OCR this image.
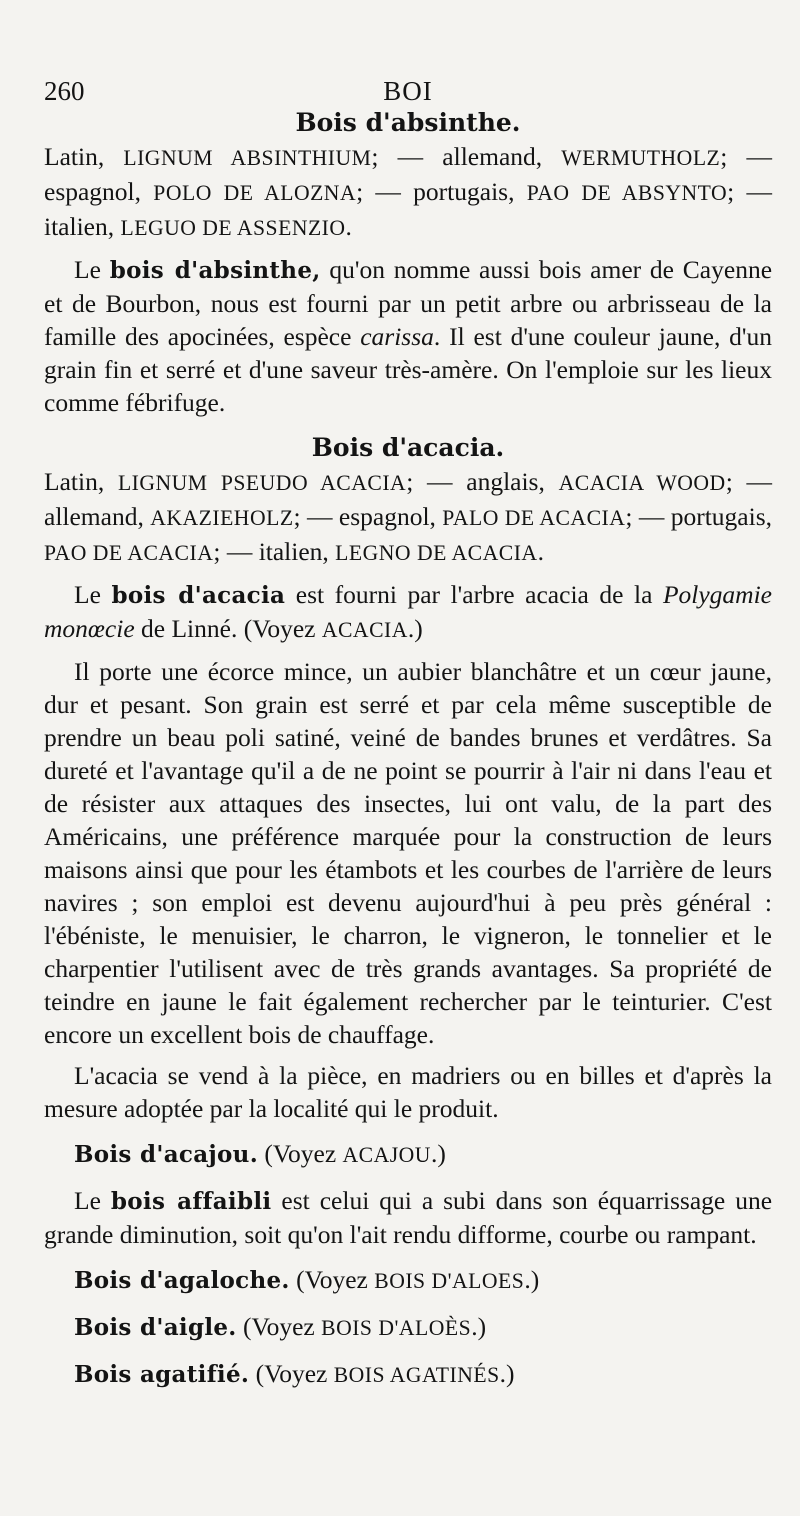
260	BOI
Bois d'absinthe.

Latin, LIGNUM ABSINTHIUM; — allemand, WERMUTHOLZ; — espagnol, POLO DE ALOZNA; — portugais, PAO DE ABSYNTO; — italien, LEGUO DE ASSENZIO.

Le bois d'absinthe, qu'on nomme aussi bois amer de Cayenne et de Bourbon, nous est fourni par un petit arbre ou arbrisseau de la famille des apocinées, espèce carissa. Il est d'une couleur jaune, d'un grain fin et serré et d'une saveur très-amère. On l'emploie sur les lieux comme fébrifuge.

Bois d'acacia.

Latin, LIGNUM PSEUDO ACACIA; — anglais, ACACIA WOOD; — allemand, AKAZIEHOLZ; — espagnol, PALO DE ACACIA; — portugais, PAO DE ACACIA; — italien, LEGNO DE ACACIA.

Le bois d'acacia est fourni par l'arbre acacia de la Polygamie monœcie de Linné. (Voyez ACACIA.)

Il porte une écorce mince, un aubier blanchâtre et un cœur jaune, dur et pesant. Son grain est serré et par cela même susceptible de prendre un beau poli satiné, veiné de bandes brunes et verdâtres. Sa dureté et l'avantage qu'il a de ne point se pourrir à l'air ni dans l'eau et de résister aux attaques des insectes, lui ont valu, de la part des Américains, une préférence marquée pour la construction de leurs maisons ainsi que pour les étambots et les courbes de l'arrière de leurs navires ; son emploi est devenu aujourd'hui à peu près général : l'ébéniste, le menuisier, le charron, le vigneron, le tonnelier et le charpentier l'utilisent avec de très grands avantages. Sa propriété de teindre en jaune le fait également rechercher par le teinturier. C'est encore un excellent bois de chauffage.

L'acacia se vend à la pièce, en madriers ou en billes et d'après la mesure adoptée par la localité qui le produit.

Bois d'acajou. (Voyez ACAJOU.)

Le bois affaibli est celui qui a subi dans son équarrissage une grande diminution, soit qu'on l'ait rendu difforme, courbe ou rampant.

Bois d'agaloche. (Voyez BOIS D'ALOES.)

Bois d'aigle. (Voyez BOIS D'ALOÈS.)

Bois agatifié. (Voyez BOIS AGATINÉS.)
